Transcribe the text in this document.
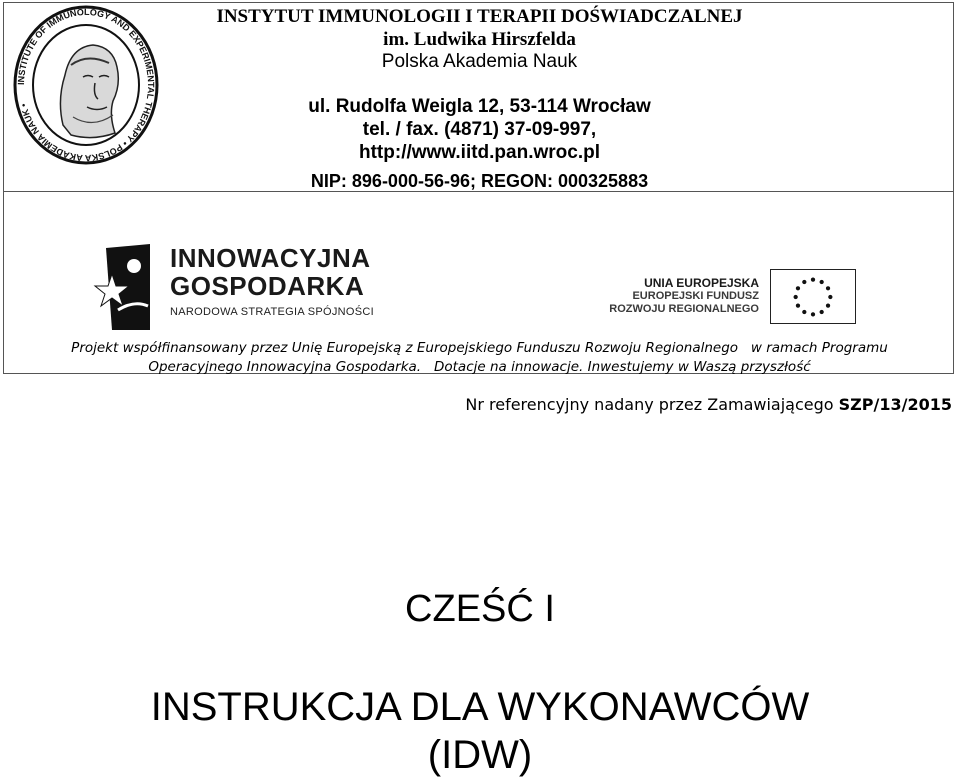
INSTITUTE OF IMMUNOLOGY AND EXPERIMENTAL THERAPY • POLSKA AKADEMIA NAUK •
INSTYTUT IMMUNOLOGII I TERAPII DOŚWIADCZALNEJ
im. Ludwika Hirszfelda
Polska Akademia Nauk
ul. Rudolfa Weigla 12, 53-114 Wrocław
tel. / fax. (4871) 37-09-997,
http://www.iitd.pan.wroc.pl
NIP: 896-000-56-96; REGON: 000325883
INNOWACYJNA
GOSPODARKA
NARODOWA STRATEGIA SPÓJNOŚCI
UNIA EUROPEJSKA
EUROPEJSKI FUNDUSZ
ROZWOJU REGIONALNEGO
Projekt współfinansowany przez Unię Europejską z Europejskiego Funduszu Rozwoju Regionalnego   w ramach Programu
Operacyjnego Innowacyjna Gospodarka.   Dotacje na innowacje. Inwestujemy w Waszą przyszłość
Nr referencyjny nadany przez Zamawiającego SZP/13/2015
CZEŚĆ I
INSTRUKCJA DLA WYKONAWCÓW
(IDW)
